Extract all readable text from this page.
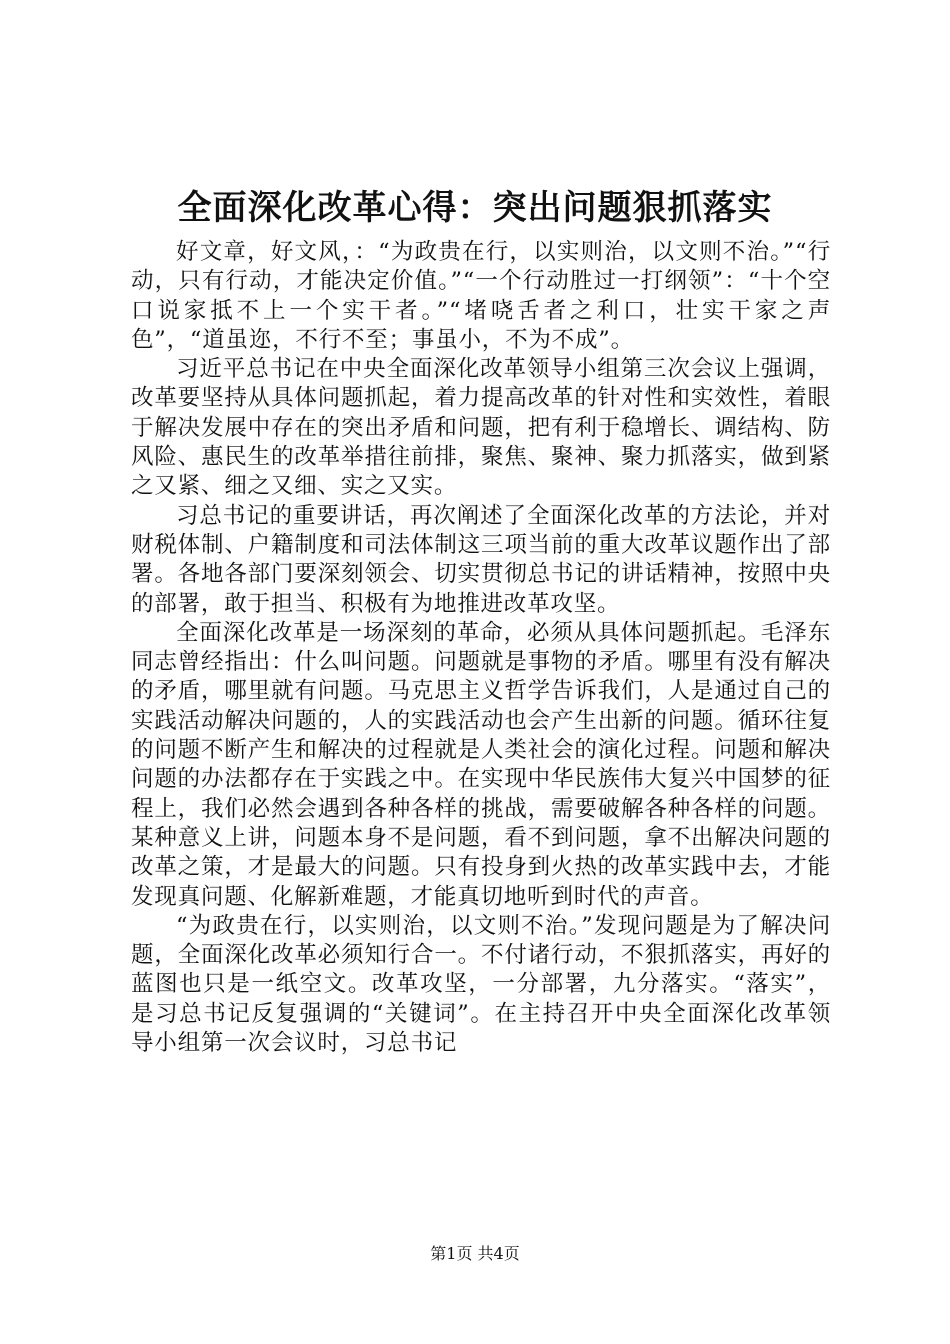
全面深化改革心得：突出问题狠抓落实

好文章，好文风，：“为政贵在行，以实则治，以文则不治。”“行动，只有行动，才能决定价值。”“一个行动胜过一打纲领”：“十个空口说家抵不上一个实干者。”“堵哓舌者之利口，壮实干家之声色”，“道虽迩，不行不至；事虽小，不为不成”。

习近平总书记在中央全面深化改革领导小组第三次会议上强调，改革要坚持从具体问题抓起，着力提高改革的针对性和实效性，着眼于解决发展中存在的突出矛盾和问题，把有利于稳增长、调结构、防风险、惠民生的改革举措往前排，聚焦、聚神、聚力抓落实，做到紧之又紧、细之又细、实之又实。

习总书记的重要讲话，再次阐述了全面深化改革的方法论，并对财税体制、户籍制度和司法体制这三项当前的重大改革议题作出了部署。各地各部门要深刻领会、切实贯彻总书记的讲话精神，按照中央的部署，敢于担当、积极有为地推进改革攻坚。

全面深化改革是一场深刻的革命，必须从具体问题抓起。毛泽东同志曾经指出：什么叫问题。问题就是事物的矛盾。哪里有没有解决的矛盾，哪里就有问题。马克思主义哲学告诉我们，人是通过自己的实践活动解决问题的，人的实践活动也会产生出新的问题。循环往复的问题不断产生和解决的过程就是人类社会的演化过程。问题和解决问题的办法都存在于实践之中。在实现中华民族伟大复兴中国梦的征程上，我们必然会遇到各种各样的挑战，需要破解各种各样的问题。某种意义上讲，问题本身不是问题，看不到问题，拿不出解决问题的改革之策，才是最大的问题。只有投身到火热的改革实践中去，才能发现真问题、化解新难题，才能真切地听到时代的声音。

“为政贵在行，以实则治，以文则不治。”发现问题是为了解决问题，全面深化改革必须知行合一。不付诸行动，不狠抓落实，再好的蓝图也只是一纸空文。改革攻坚，一分部署，九分落实。“落实”，是习总书记反复强调的“关键词”。在主持召开中央全面深化改革领导小组第一次会议时，习总书记

第1页 共4页
